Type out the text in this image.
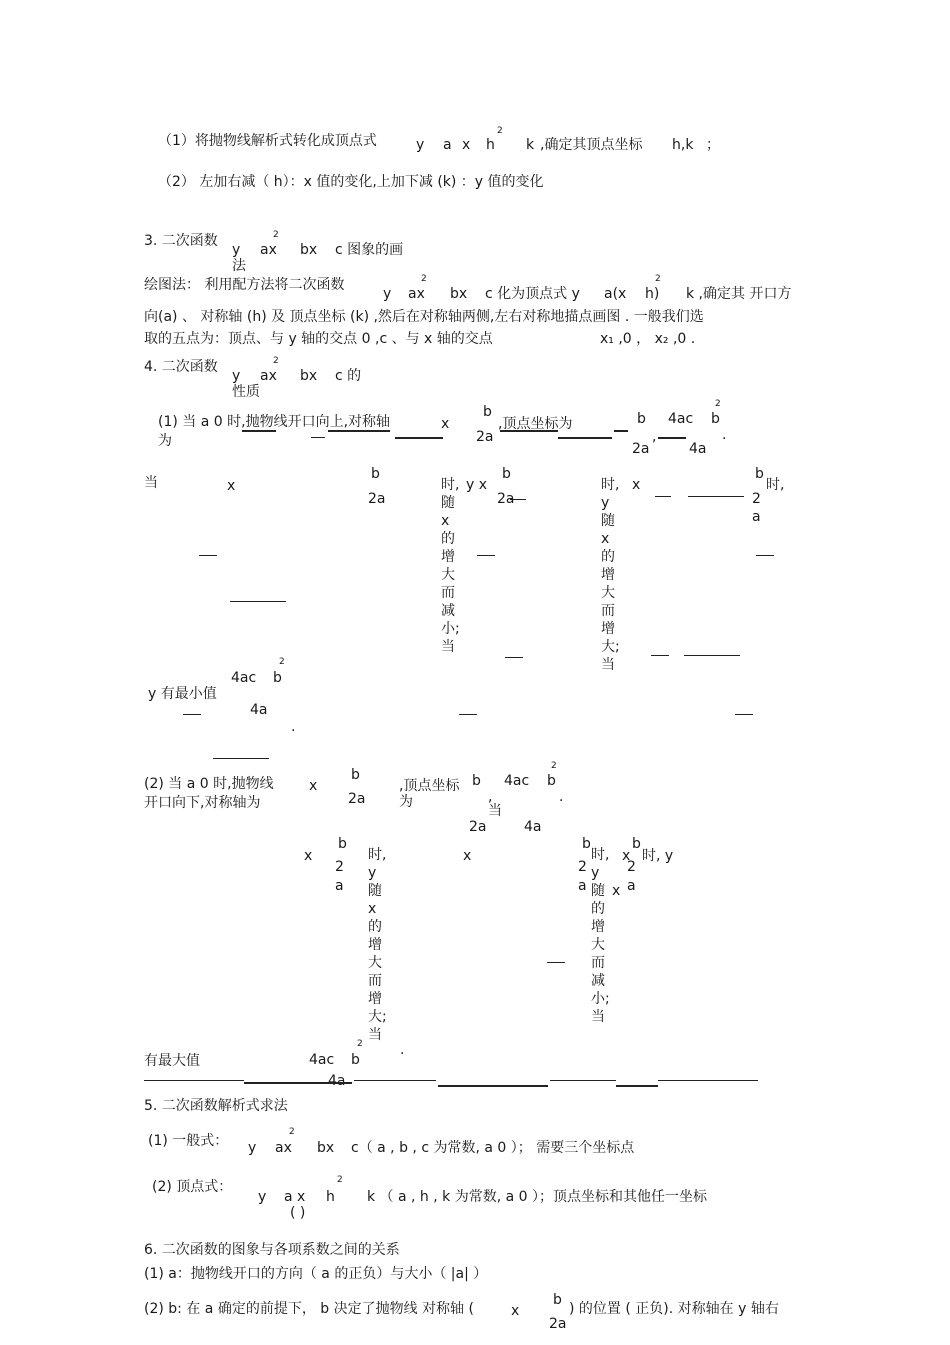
（1）将抛物线解析式转化成顶点式	y a x h
2
k ,确定其顶点坐标 h,k ；
（2） 左加右减（ h）：x 值的变化,上加下减 (k) ：y 值的变化
3. 二次函数
y ax
2
bx c 图象的画
法
绘图法： 利用配方法将二次函数
y ax
2
bx c 化为顶点式 y a(x h)
2
k ,确定其 开口方
向(a) 、 对称轴 (h) 及 顶点坐标 (k) ,然后在对称轴两侧,左右对称地描点画图 . 一般我们选
取的五点为：顶点、与 y 轴的交点 0 ,c 、与 x 轴的交点	x₁ ,0 ， x₂ ,0 .
4. 二次函数
y ax
2
bx c 的
性质
(1) 当 a 0 时,抛物线开口向上,对称轴
为
x
b
2a
,顶点坐标为	b 4ac b
2
2a
,
4a
.
当	x
b
2a
y x
b
2a
x
b
时,
2
a
y 有最小值
4ac b
2
4a
.
(2) 当 a 0 时,抛物线
开口向下,对称轴为
x
b
2a
,顶点坐标
为
b 4ac b
2
,
当
.
2a	4a
x
b
2
a
x
b
2
a
x
b
时, y
2
a
x
有最大值	4ac b
2	.
4a
5. 二次函数解析式求法
(1) 一般式： y ax
2
bx c（ a , b , c 为常数, a 0 ）； 需要三个坐标点
(2) 顶点式：
y a x h
2
k （ a , h , k 为常数, a 0 ）；顶点坐标和其他任一坐标
( )
6. 二次函数的图象与各项系数之间的关系
(1) a：抛物线开口的方向（ a 的正负）与大小（ |a| ）
(2) b: 在 a 确定的前提下， b 决定了抛物线 对称轴 (	x
b
2a
) 的位置 ( 正负). 对称轴在 y 轴右
时,随x的增大而减小;当
时,y随x的增大而增大;当
时,y随x的增大而增大;当
时,y随的增大而减小;当
